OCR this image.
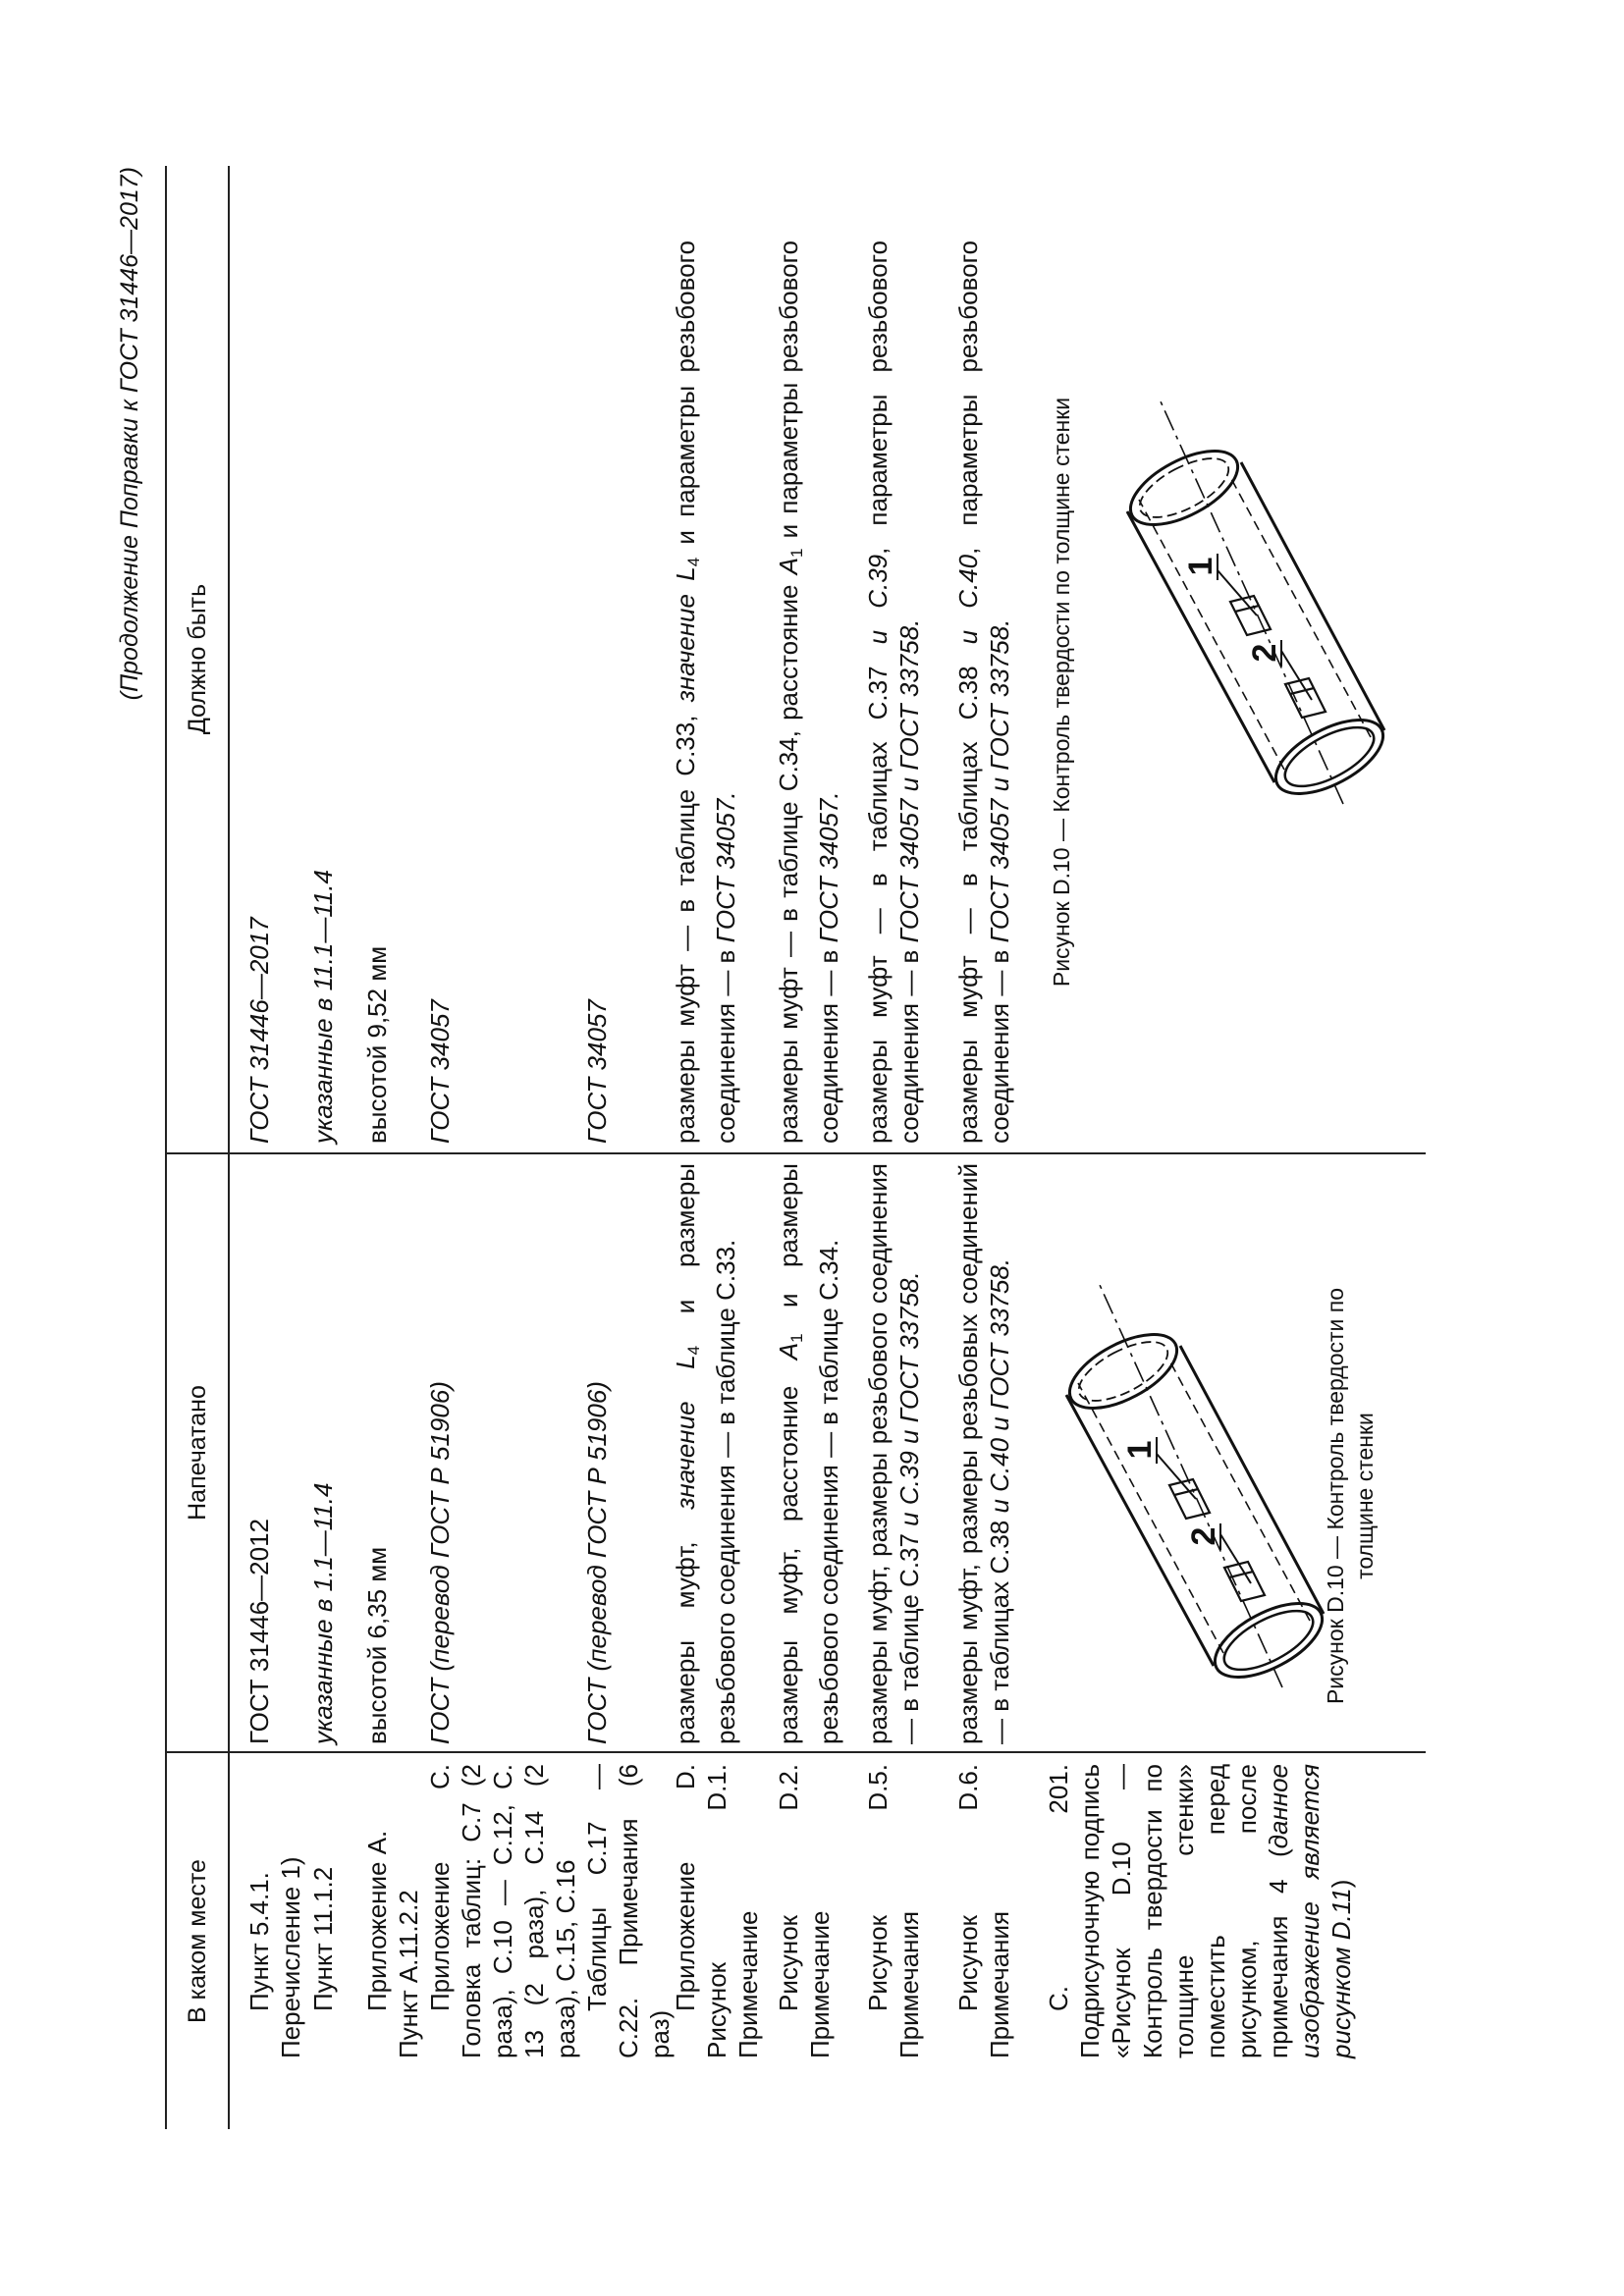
(Продолжение Поправки к ГОСТ 31446—2017)
В каком месте
Напечатано
Должно быть
Пункт 5.4.1. Перечисление 1)
ГОСТ 31446—2012
ГОСТ 31446—2017
Пункт 11.1.2
указанные в 1.1—11.4
указанные в 11.1—11.4
Приложение А. Пункт А.11.2.2
высотой 6,35 мм
высотой 9,52 мм
Приложение С. Головка таблиц: С.7 (2 раза), С.10 — С.12, С. 13 (2 раза), С.14 (2 раза), С.15, С.16
ГОСТ (перевод ГОСТ Р 51906)
ГОСТ 34057
Таблицы С.17 — С.22. Примечания (6 раз)
ГОСТ (перевод ГОСТ Р 51906)
ГОСТ 34057
Приложение D. Рисунок D.1. Примечание
размеры муфт, значение $L_4$ и размеры резьбового соединения — в таблице С.33.
размеры муфт — в таблице С.33, значение $L_4$ и параметры резьбового соединения — в ГОСТ 34057.
Рисунок D.2. Примечание
размеры муфт, расстояние $A_1$ и размеры резьбового соединения — в таблице С.34.
размеры муфт — в таблице С.34, расстояние $A_1$ и параметры резьбового соединения — в ГОСТ 34057.
Рисунок D.5. Примечания
размеры муфт, размеры резьбового соединения — в таблице С.37 и С.39 и ГОСТ 33758.
размеры муфт — в таблицах С.37 и С.39, параметры резьбового соединения — в ГОСТ 34057 и ГОСТ 33758.
Рисунок D.6. Примечания
размеры муфт, размеры резьбовых соединений — в таблицах С.38 и С.40 и ГОСТ 33758.
размеры муфт — в таблицах С.38 и С.40, параметры резьбового соединения — в ГОСТ 34057 и ГОСТ 33758.
С. 201. Подрисуночную подпись «Рисунок D.10 — Контроль твердости по толщине стенки» поместить перед рисунком, после примечания 4 (данное изображение является рисунком D.11)
1
2	Рисунок D.10 — Контроль твердости по толщине стенки
1
2
Рисунок D.10 — Контроль твердости по толщине стенки
